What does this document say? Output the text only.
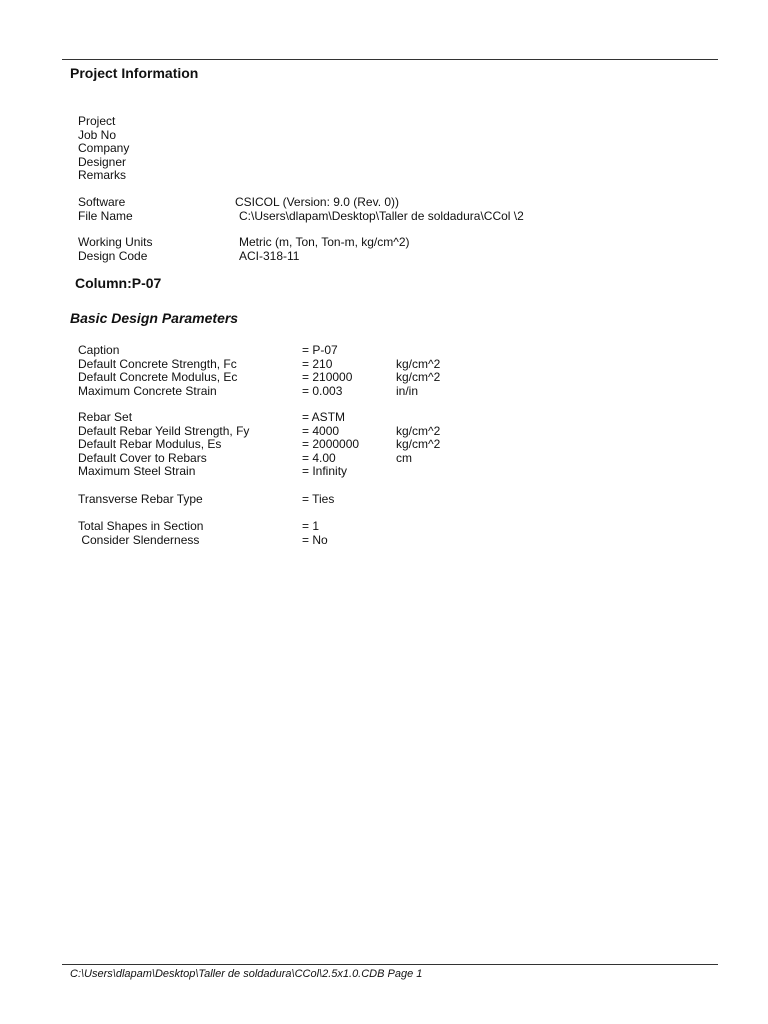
Project Information
Project
Job No
Company
Designer
Remarks
Software	CSICOL (Version: 9.0 (Rev. 0))
File Name	C:\Users\dlapam\Desktop\Taller de soldadura\CCol \2
Working Units	Metric (m, Ton, Ton-m, kg/cm^2)
Design Code	ACI-318-11
Column:P-07
Basic Design Parameters
Caption	= P-07
Default Concrete Strength, Fc	= 210	kg/cm^2
Default Concrete Modulus, Ec	= 210000	kg/cm^2
Maximum Concrete Strain	= 0.003	in/in
Rebar Set	= ASTM
Default Rebar Yeild Strength, Fy	= 4000	kg/cm^2
Default Rebar Modulus, Es	= 2000000	kg/cm^2
Default Cover to Rebars	= 4.00	cm
Maximum Steel Strain	= Infinity
Transverse Rebar Type	= Ties
Total Shapes in Section	= 1
Consider Slenderness	= No
C:\Users\dlapam\Desktop\Taller de soldadura\CCol\2.5x1.0.CDB Page 1
